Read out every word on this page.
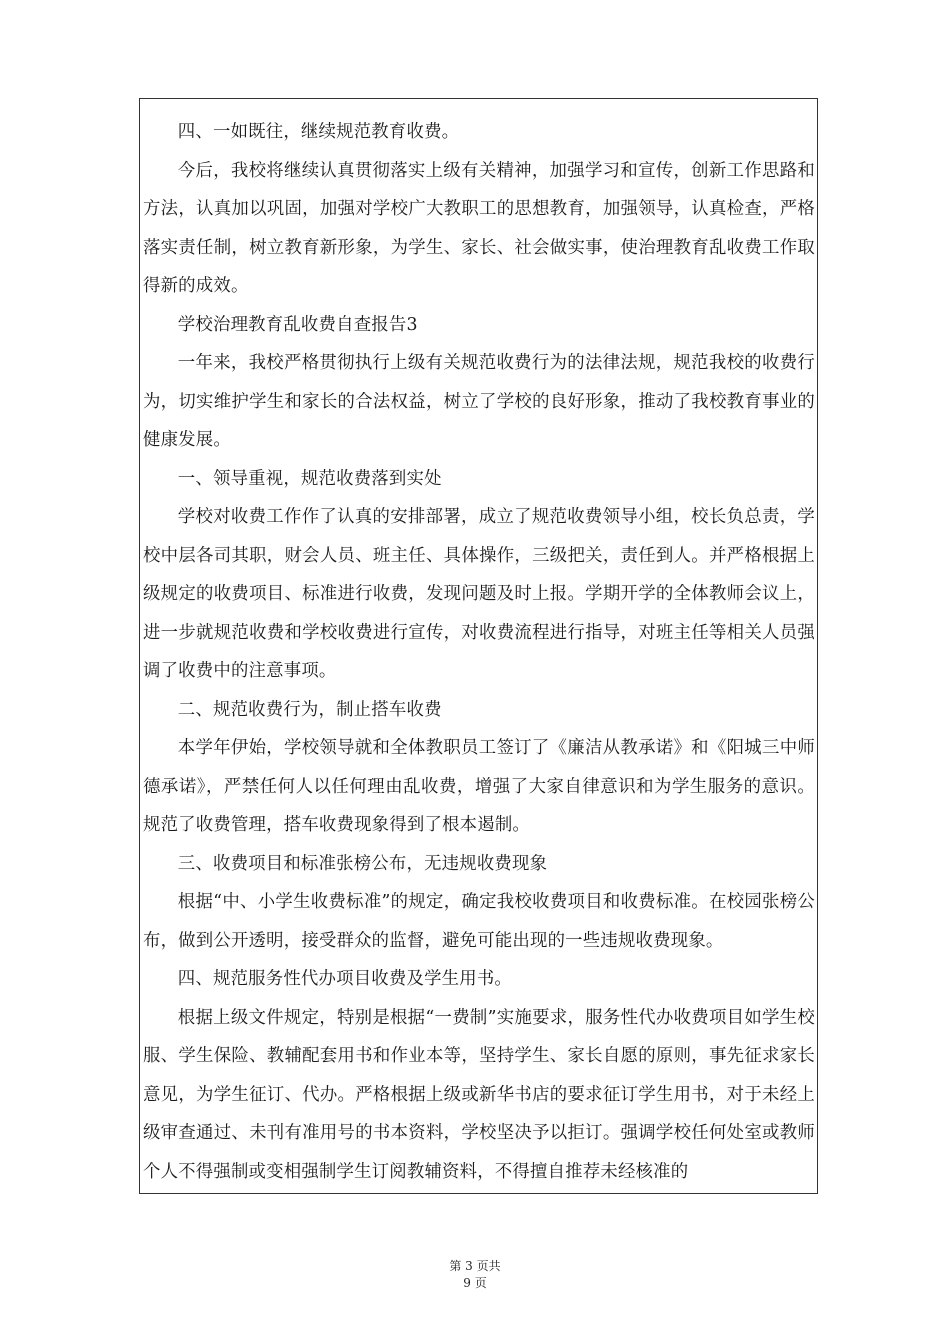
四、一如既往，继续规范教育收费。

今后，我校将继续认真贯彻落实上级有关精神，加强学习和宣传，创新工作思路和方法，认真加以巩固，加强对学校广大教职工的思想教育，加强领导，认真检查，严格落实责任制，树立教育新形象，为学生、家长、社会做实事，使治理教育乱收费工作取得新的成效。

学校治理教育乱收费自查报告3

一年来，我校严格贯彻执行上级有关规范收费行为的法律法规，规范我校的收费行为，切实维护学生和家长的合法权益，树立了学校的良好形象，推动了我校教育事业的健康发展。

一、领导重视，规范收费落到实处

学校对收费工作作了认真的安排部署，成立了规范收费领导小组，校长负总责，学校中层各司其职，财会人员、班主任、具体操作，三级把关，责任到人。并严格根据上级规定的收费项目、标准进行收费，发现问题及时上报。学期开学的全体教师会议上，进一步就规范收费和学校收费进行宣传，对收费流程进行指导，对班主任等相关人员强调了收费中的注意事项。

二、规范收费行为，制止搭车收费

本学年伊始，学校领导就和全体教职员工签订了《廉洁从教承诺》和《阳城三中师德承诺》，严禁任何人以任何理由乱收费，增强了大家自律意识和为学生服务的意识。规范了收费管理，搭车收费现象得到了根本遏制。

三、收费项目和标准张榜公布，无违规收费现象

根据“中、小学生收费标准”的规定，确定我校收费项目和收费标准。在校园张榜公布，做到公开透明，接受群众的监督，避免可能出现的一些违规收费现象。

四、规范服务性代办项目收费及学生用书。

根据上级文件规定，特别是根据“一费制”实施要求，服务性代办收费项目如学生校服、学生保险、教辅配套用书和作业本等，坚持学生、家长自愿的原则，事先征求家长意见，为学生征订、代办。严格根据上级或新华书店的要求征订学生用书，对于未经上级审查通过、未刊有准用号的书本资料，学校坚决予以拒订。强调学校任何处室或教师个人不得强制或变相强制学生订阅教辅资料，不得擅自推荐未经核准的

第 3 页共
9 页
